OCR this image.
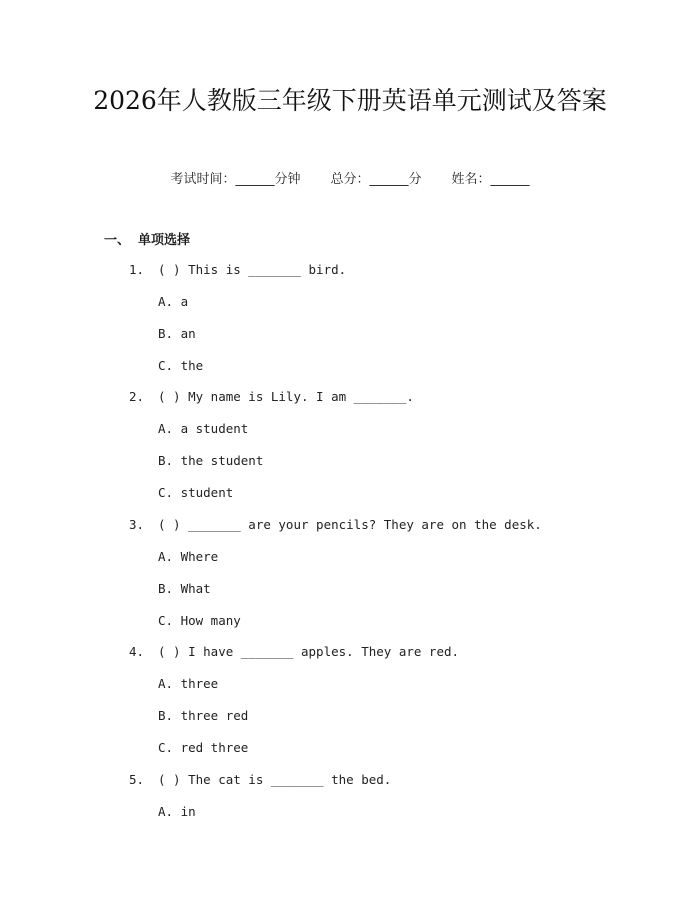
2026年人教版三年级下册英语单元测试及答案
考试时间：______分钟 总分：______分 姓名：______
一、 单项选择
1. ( ) This is _______ bird.
A. a
B. an
C. the
2. ( ) My name is Lily. I am _______.
A. a student
B. the student
C. student
3. ( ) _______ are your pencils? They are on the desk.
A. Where
B. What
C. How many
4. ( ) I have _______ apples. They are red.
A. three
B. three red
C. red three
5. ( ) The cat is _______ the bed.
A. in
